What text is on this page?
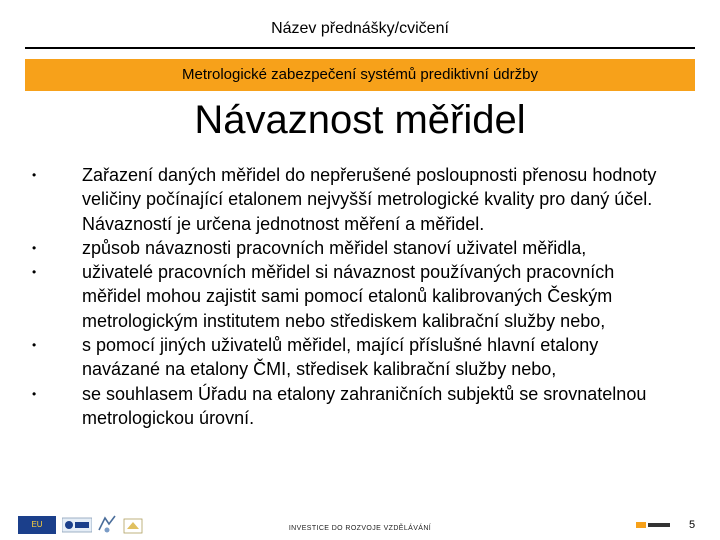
Název přednášky/cvičení
Metrologické zabezpečení systémů prediktivní údržby
Návaznost měřidel
•	Zařazení daných měřidel do nepřerušené posloupnosti přenosu hodnoty veličiny počínající etalonem nejvyšší metrologické kvality pro daný účel. Návazností je určena jednotnost měření a měřidel.
•	způsob návaznosti pracovních měřidel stanoví uživatel měřidla,
•	uživatelé pracovních měřidel si návaznost používaných pracovních měřidel mohou zajistit sami pomocí etalonů kalibrovaných Českým metrologickým institutem nebo střediskem kalibrační služby nebo,
•	s pomocí jiných uživatelů měřidel, mající příslušné hlavní etalony navázané na etalony ČMI, středisek kalibrační služby nebo,
•	se souhlasem Úřadu na etalony zahraničních subjektů se srovnatelnou metrologickou úrovní.
EU	INVESTICE DO ROZVOJE VZDĚLÁVÁNÍ	5
